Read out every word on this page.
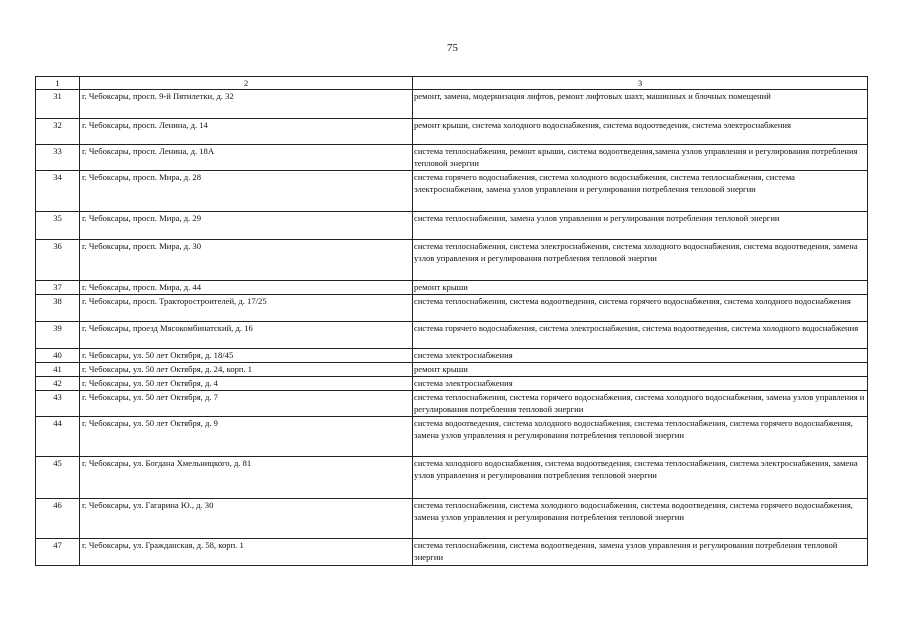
75
1	2	3
31	г. Чебоксары, просп. 9-й Пятилетки, д. 32	ремонт, замена, модернизация лифтов, ремонт лифтовых шахт, машинных и блочных помещений
32	г. Чебоксары, просп. Ленина, д. 14	ремонт крыши, система холодного водоснабжения, система водоотведения, система электроснабжения
33	г. Чебоксары, просп. Ленина, д. 18А	система теплоснабжения, ремонт крыши, система водоотведения,замена узлов управления и регулирования потребления тепловой энергии
34	г. Чебоксары, просп. Мира, д. 28	система горячего водоснабжения, система холодного водоснабжения, система теплоснабжения, система электроснабжения, замена узлов управления и регулирования потребления тепловой энергии
35	г. Чебоксары, просп. Мира, д. 29	система теплоснабжения, замена узлов управления и регулирования потребления тепловой энергии
36	г. Чебоксары, просп. Мира, д. 30	система теплоснабжения, система электроснабжения, система холодного водоснабжения, система водоотведения, замена узлов управления и регулирования потребления тепловой энергии
37	г. Чебоксары, просп. Мира, д. 44	ремонт крыши
38	г. Чебоксары, просп. Тракторостроителей, д. 17/25	система теплоснабжения, система водоотведения, система горячего водоснабжения, система холодного водоснабжения
39	г. Чебоксары, проезд Мясокомбинатский, д. 16	система горячего водоснабжения, система электроснабжения, система водоотведения, система холодного водоснабжения
40	г. Чебоксары, ул. 50 лет Октября, д. 18/45	система электроснабжения
41	г. Чебоксары, ул. 50 лет Октября, д. 24, корп. 1	ремонт крыши
42	г. Чебоксары, ул. 50 лет Октября, д. 4	система электроснабжения
43	г. Чебоксары, ул. 50 лет Октября, д. 7	система теплоснабжения, система горячего водоснабжения, система холодного водоснабжения, замена узлов управления и регулирования потребления тепловой энергии
44	г. Чебоксары, ул. 50 лет Октября, д. 9	система водоотведения, система холодного водоснабжения, система теплоснабжения, система горячего водоснабжения, замена узлов управления и регулирования потребления тепловой энергии
45	г. Чебоксары, ул. Богдана Хмельницкого, д. 81	система холодного водоснабжения, система водоотведения, система теплоснабжения, система электроснабжения, замена узлов управления и регулирования потребления тепловой энергии
46	г. Чебоксары, ул. Гагарина Ю., д. 30	система теплоснабжения, система холодного водоснабжения, система водоотведения, система горячего водоснабжения, замена узлов управления и регулирования потребления тепловой энергии
47	г. Чебоксары, ул. Гражданская, д. 58, корп. 1	система теплоснабжения, система водоотведения, замена узлов управления и регулирования потребления тепловой энергии
